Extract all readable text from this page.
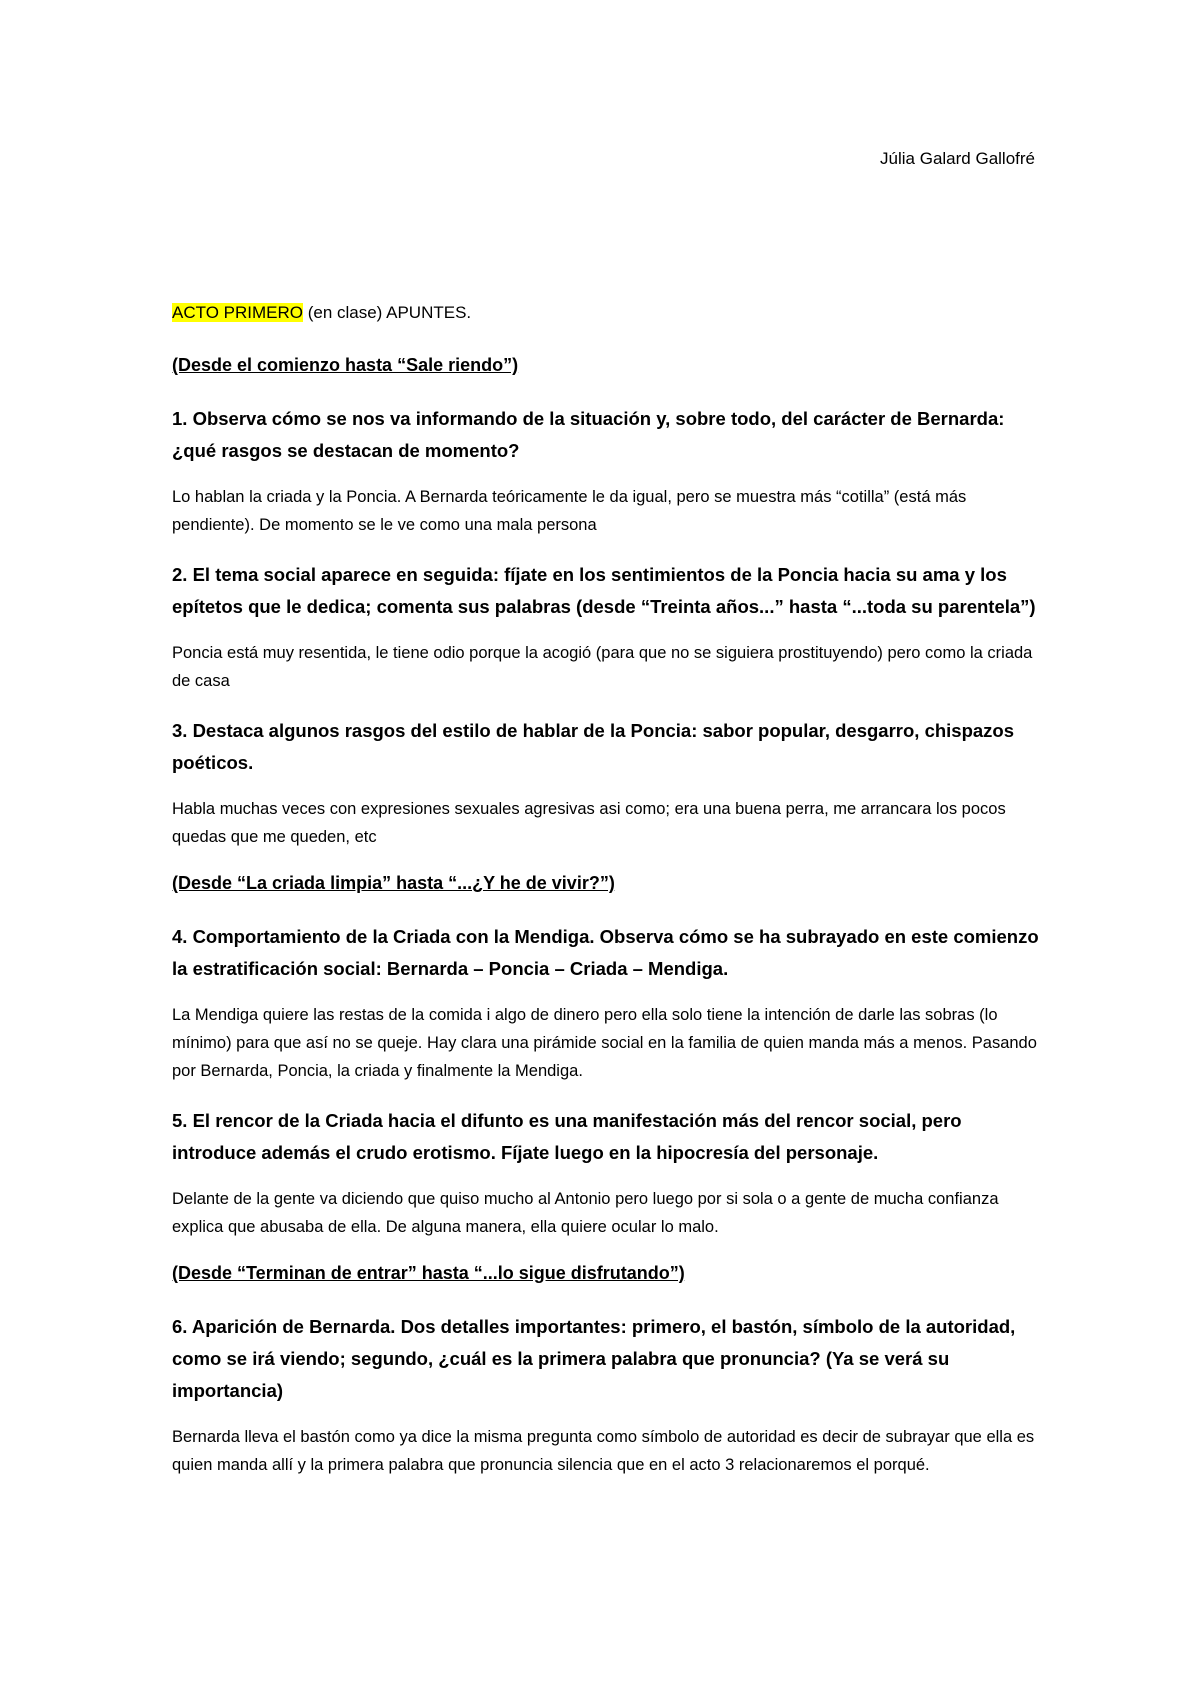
Júlia Galard Gallofré

ACTO PRIMERO (en clase) APUNTES.

(Desde el comienzo hasta “Sale riendo”)

1. Observa cómo se nos va informando de la situación y, sobre todo, del carácter de Bernarda: ¿qué rasgos se destacan de momento?

Lo hablan la criada y la Poncia. A Bernarda teóricamente le da igual, pero se muestra más “cotilla” (está más pendiente). De momento se le ve como una mala persona

2. El tema social aparece en seguida: fíjate en los sentimientos de la Poncia hacia su ama y los epítetos que le dedica; comenta sus palabras (desde “Treinta años...” hasta “...toda su parentela”)

Poncia está muy resentida, le tiene odio porque la acogió (para que no se siguiera prostituyendo) pero como la criada de casa

3. Destaca algunos rasgos del estilo de hablar de la Poncia: sabor popular, desgarro, chispazos poéticos.

Habla muchas veces con expresiones sexuales agresivas asi como; era una buena perra, me arrancara los pocos quedas que me queden, etc

(Desde “La criada limpia” hasta “...¿Y he de vivir?”)

4. Comportamiento de la Criada con la Mendiga. Observa cómo se ha subrayado en este comienzo la estratificación social: Bernarda – Poncia – Criada – Mendiga.

La Mendiga quiere las restas de la comida i algo de dinero pero ella solo tiene la intención de darle las sobras (lo mínimo) para que así no se queje. Hay clara una pirámide social en la familia de quien manda más a menos. Pasando por Bernarda, Poncia, la criada y finalmente la Mendiga.

5. El rencor de la Criada hacia el difunto es una manifestación más del rencor social, pero introduce además el crudo erotismo. Fíjate luego en la hipocresía del personaje.

Delante de la gente va diciendo que quiso mucho al Antonio pero luego por si sola o a gente de mucha confianza explica que abusaba de ella. De alguna manera, ella quiere ocular lo malo.

(Desde “Terminan de entrar” hasta “...lo sigue disfrutando”)

6. Aparición de Bernarda. Dos detalles importantes: primero, el bastón, símbolo de la autoridad, como se irá viendo; segundo, ¿cuál es la primera palabra que pronuncia? (Ya se verá su importancia)

Bernarda lleva el bastón como ya dice la misma pregunta como símbolo de autoridad es decir de subrayar que ella es quien manda allí y la primera palabra que pronuncia silencia que en el acto 3 relacionaremos el porqué.
